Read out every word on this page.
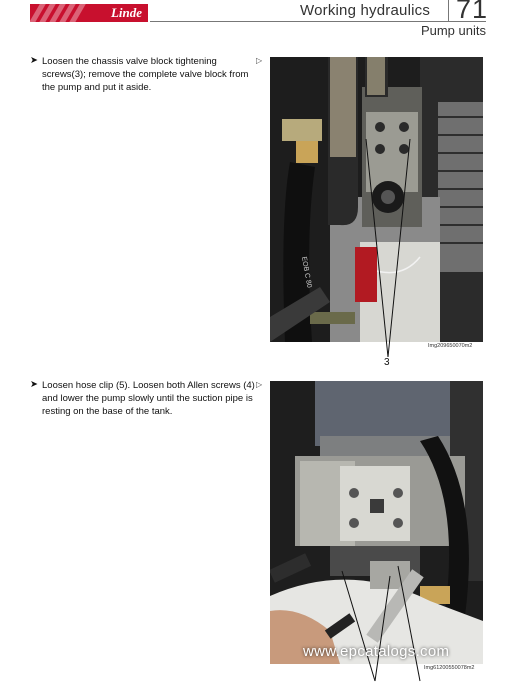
Linde	Working hydraulics 71
Pump units
➤ Loosen the chassis valve block tightening screws(3); remove the complete valve block from the pump and put it aside.
▷
EOB C 80
Img209650070m2
3
➤ Loosen hose clip (5). Loosen both Allen screws (4) and lower the pump slowly until the suction pipe is resting on the base of the tank.
▷
www.epcatalogs.com
Img61200550078m2
